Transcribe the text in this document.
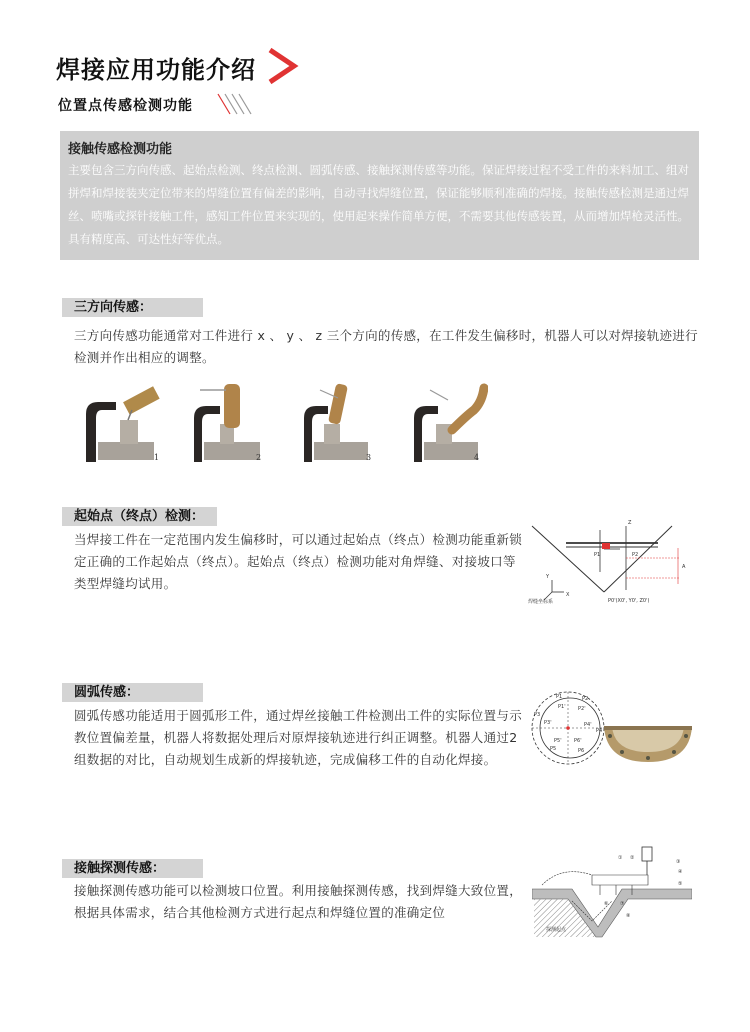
焊接应用功能介绍
位置点传感检测功能
接触传感检测功能
主要包含三方向传感、起始点检测、终点检测、圆弧传感、接触探测传感等功能。保证焊接过程不受工件的来料加工、组对拼焊和焊接装夹定位带来的焊缝位置有偏差的影响，自动寻找焊缝位置，保证能够顺利准确的焊接。接触传感检测是通过焊丝、喷嘴或探针接触工件，感知工件位置来实现的，使用起来操作简单方便，不需要其他传感装置，从而增加焊枪灵活性。具有精度高、可达性好等优点。
三方向传感：
三方向传感功能通常对工件进行 x 、 y 、 z 三个方向的传感，在工件发生偏移时，机器人可以对焊接轨迹进行检测并作出相应的调整。
1	2	3	4
起始点（终点）检测：
当焊接工件在一定范围内发生偏移时，可以通过起始点（终点）检测功能重新锁定正确的工作起始点（终点）。起始点（终点）检测功能对角焊缝、对接坡口等类型焊缝均试用。
焊缝坐标系
P1	P2
Z
X
Y
A
P0'(X0', Y0', Z0')
圆弧传感：
圆弧传感功能适用于圆弧形工件，通过焊丝接触工件检测出工件的实际位置与示教位置偏差量，机器人将数据处理后对原焊接轨迹进行纠正调整。机器人通过2组数据的对比，自动规划生成新的焊接轨迹，完成偏移工件的自动化焊接。
P1	P2
P3
P1' P2'
P3'	P4'
P4
P5	P6
P5' P6'
接触探测传感：
接触探测传感功能可以检测坡口位置。利用接触探测传感，找到焊缝大致位置，根据具体需求，结合其他检测方式进行起点和焊缝位置的准确定位
① ②
③
④
⑤
⑥ ⑦
⑧
探测起点
